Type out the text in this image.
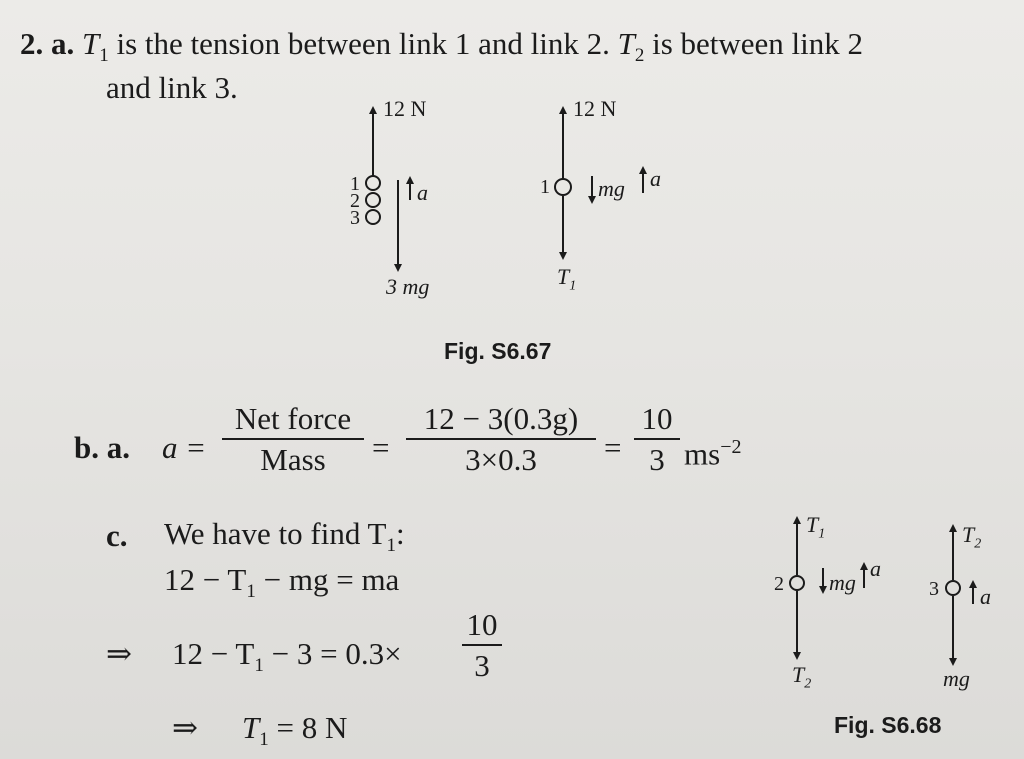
2. a. $T_1$ is the tension between link 1 and link 2. $T_2$ is between link 2
and link 3.
12 N
1
2
3
a
3 mg
12 N
1 mg a
$T_1$
Fig. S6.67
b. a. a =
Net force
Mass	=
12 − 3(0.3g)
3×0.3	=
10
3 $ms^{-2}$
c. We have to find $T_1$:
$12 - T_1$ − mg = ma
⇒ $12 - T_1 - 3 = 0.3\times$
10
3
⇒ $T_1 = 8$ N
$T_1$
2 mg
a
$T_2$
$T_2$
3 a
mg
Fig. S6.68
